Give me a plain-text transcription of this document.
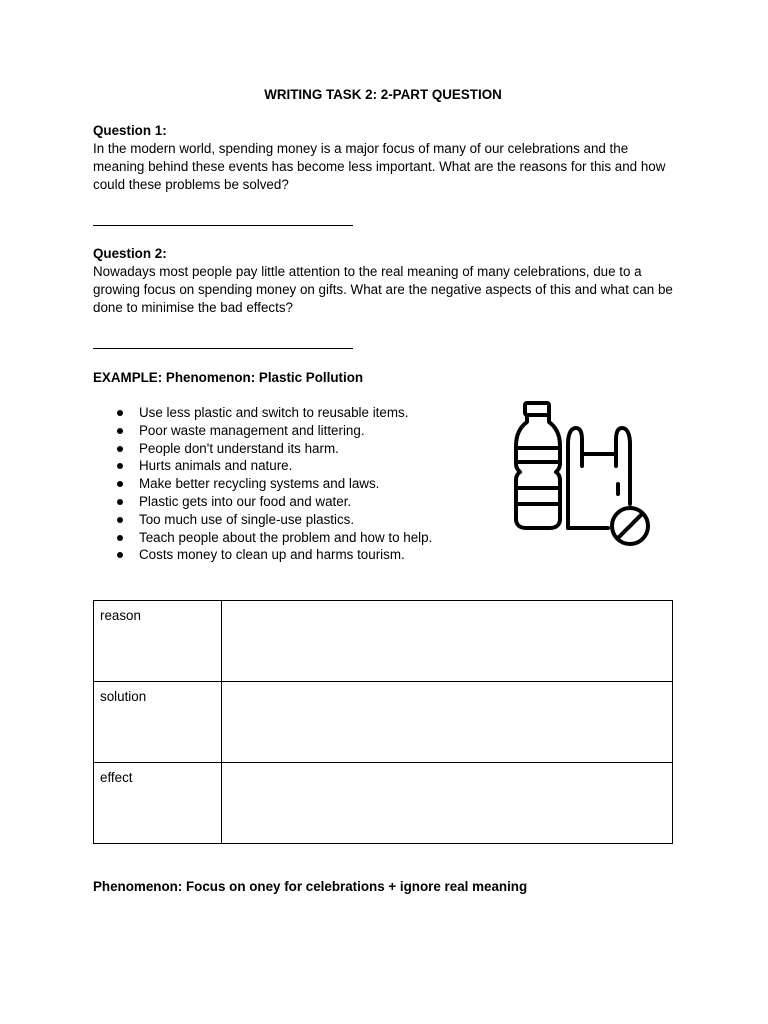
WRITING TASK 2: 2-PART QUESTION
Question 1:
In the modern world, spending money is a major focus of many of our celebrations and the meaning behind these events has become less important. What are the reasons for this and how could these problems be solved?
Question 2:
Nowadays most people pay little attention to the real meaning of many celebrations, due to a growing focus on spending money on gifts. What are the negative aspects of this and what can be done to minimise the bad effects?
EXAMPLE: Phenomenon: Plastic Pollution
Use less plastic and switch to reusable items.
Poor waste management and littering.
People don't understand its harm.
Hurts animals and nature.
Make better recycling systems and laws.
Plastic gets into our food and water.
Too much use of single-use plastics.
Teach people about the problem and how to help.
Costs money to clean up and harms tourism.
reason	
solution	
effect	
Phenomenon: Focus on oney for celebrations + ignore real meaning
